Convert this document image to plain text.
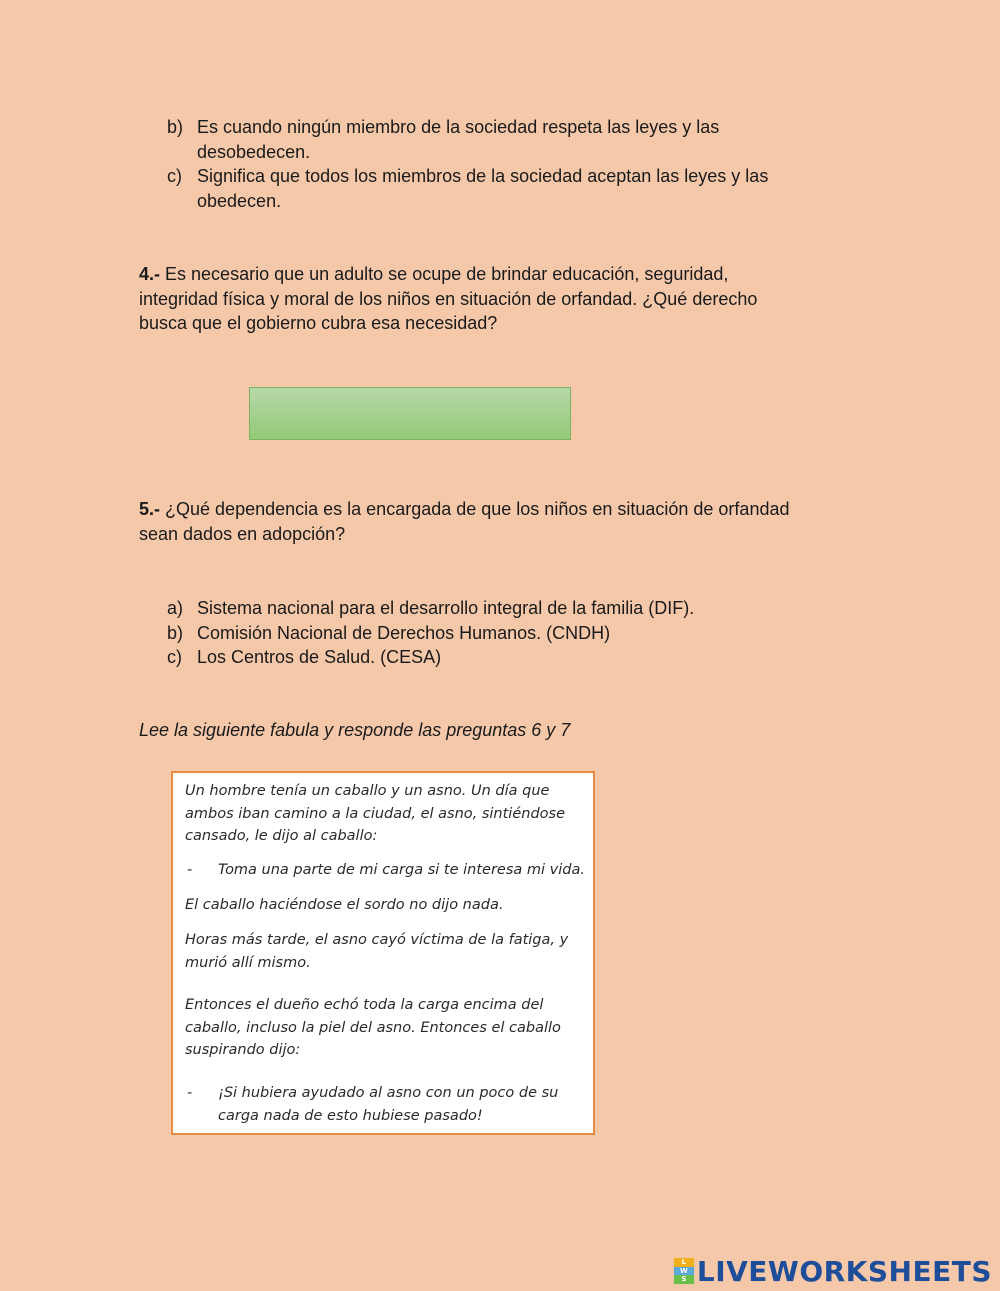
b) Es cuando ningún miembro de la sociedad respeta las leyes y las
desobedecen.
c) Significa que todos los miembros de la sociedad aceptan las leyes y las
obedecen.
4.- Es necesario que un adulto se ocupe de brindar educación, seguridad,
integridad física y moral de los niños en situación de orfandad. ¿Qué derecho
busca que el gobierno cubra esa necesidad?
5.- ¿Qué dependencia es la encargada de que los niños en situación de orfandad
sean dados en adopción?
a) Sistema nacional para el desarrollo integral de la familia (DIF).
b) Comisión Nacional de Derechos Humanos. (CNDH)
c) Los Centros de Salud. (CESA)
Lee la siguiente fabula y responde las preguntas 6 y 7
Un hombre tenía un caballo y un asno. Un día que
ambos iban camino a la ciudad, el asno, sintiéndose
cansado, le dijo al caballo:
- Toma una parte de mi carga si te interesa mi vida.
El caballo haciéndose el sordo no dijo nada.
Horas más tarde, el asno cayó víctima de la fatiga, y
murió allí mismo.
Entonces el dueño echó toda la carga encima del
caballo, incluso la piel del asno. Entonces el caballo
suspirando dijo:
- ¡Si hubiera ayudado al asno con un poco de su
carga nada de esto hubiese pasado!
L
W
S LIVEWORKSHEETS
